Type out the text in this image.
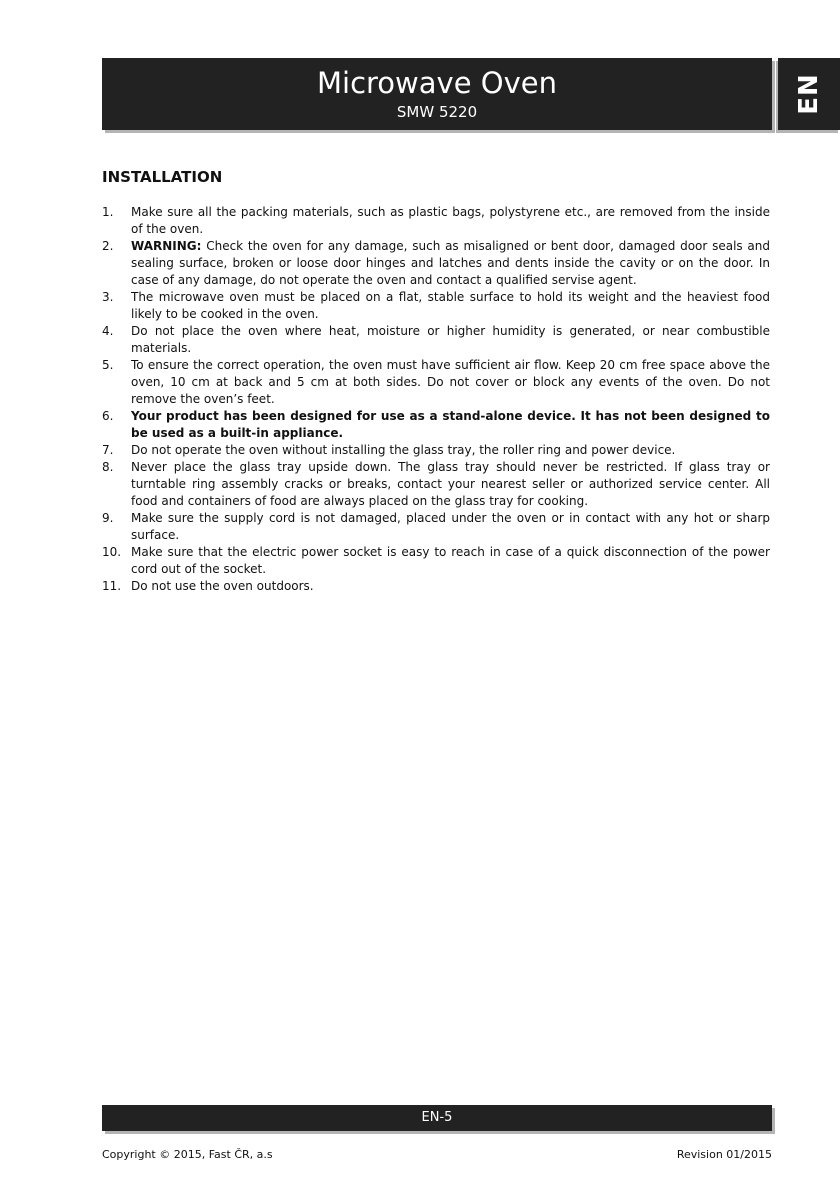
Microwave Oven
SMW 5220	EN
INSTALLATION
1. Make sure all the packing materials, such as plastic bags, polystyrene etc., are removed from the inside of the oven.
2. WARNING: Check the oven for any damage, such as misaligned or bent door, damaged door seals and sealing surface, broken or loose door hinges and latches and dents inside the cavity or on the door. In case of any damage, do not operate the oven and contact a qualified servise agent.
3. The microwave oven must be placed on a flat, stable surface to hold its weight and the heaviest food likely to be cooked in the oven.
4. Do not place the oven where heat, moisture or higher humidity is generated, or near combustible materials.
5. To ensure the correct operation, the oven must have sufficient air flow. Keep 20 cm free space above the oven, 10 cm at back and 5 cm at both sides. Do not cover or block any events of the oven. Do not remove the oven’s feet.
6. Your product has been designed for use as a stand-alone device. It has not been designed to be used as a built-in appliance.
7. Do not operate the oven without installing the glass tray, the roller ring and power device.
8. Never place the glass tray upside down. The glass tray should never be restricted. If glass tray or turntable ring assembly cracks or breaks, contact your nearest seller or authorized service center. All food and containers of food are always placed on the glass tray for cooking.
9. Make sure the supply cord is not damaged, placed under the oven or in contact with any hot or sharp surface.
10. Make sure that the electric power socket is easy to reach in case of a quick disconnection of the power cord out of the socket.
11. Do not use the oven outdoors.
EN-5
Copyright © 2015, Fast ČR, a.s	Revision 01/2015
